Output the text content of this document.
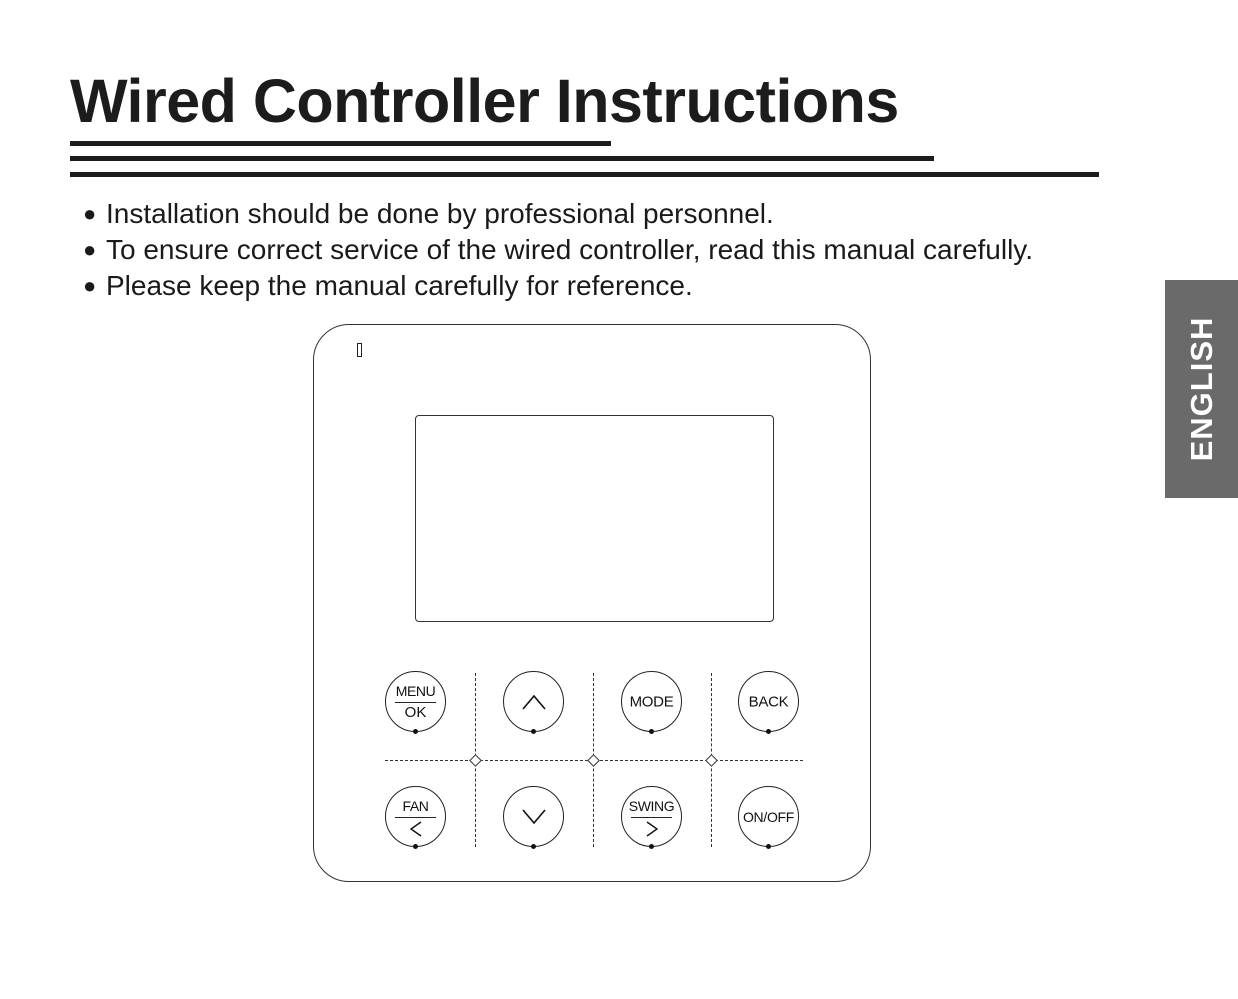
Wired Controller Instructions
● Installation should be done by professional personnel.
● To ensure correct service of the wired controller, read this manual carefully.
● Please keep the manual carefully for reference.
ENGLISH
MENU
OK
MODE	BACK
FAN	SWING
ON/OFF
